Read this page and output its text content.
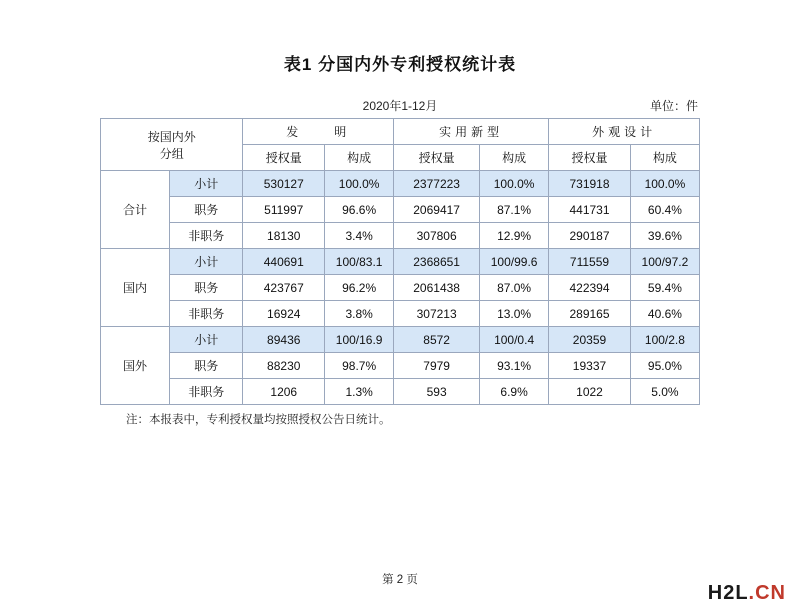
表1 分国内外专利授权统计表
2020年1-12月	单位：件
按国内外
分组		发　　明		实用新型		外观设计	
		授权量	构成	授权量	构成	授权量	构成
合计	小计	530127	100.0%	2377223	100.0%	731918	100.0%
	职务	511997	96.6%	2069417	87.1%	441731	60.4%
	非职务	18130	3.4%	307806	12.9%	290187	39.6%
国内	小计	440691	100/83.1	2368651	100/99.6	711559	100/97.2
	职务	423767	96.2%	2061438	87.0%	422394	59.4%
	非职务	16924	3.8%	307213	13.0%	289165	40.6%
国外	小计	89436	100/16.9	8572	100/0.4	20359	100/2.8
	职务	88230	98.7%	7979	93.1%	19337	95.0%
	非职务	1206	1.3%	593	6.9%	1022	5.0%
注：本报表中，专利授权量均按照授权公告日统计。
第 2 页
H2L.CN
